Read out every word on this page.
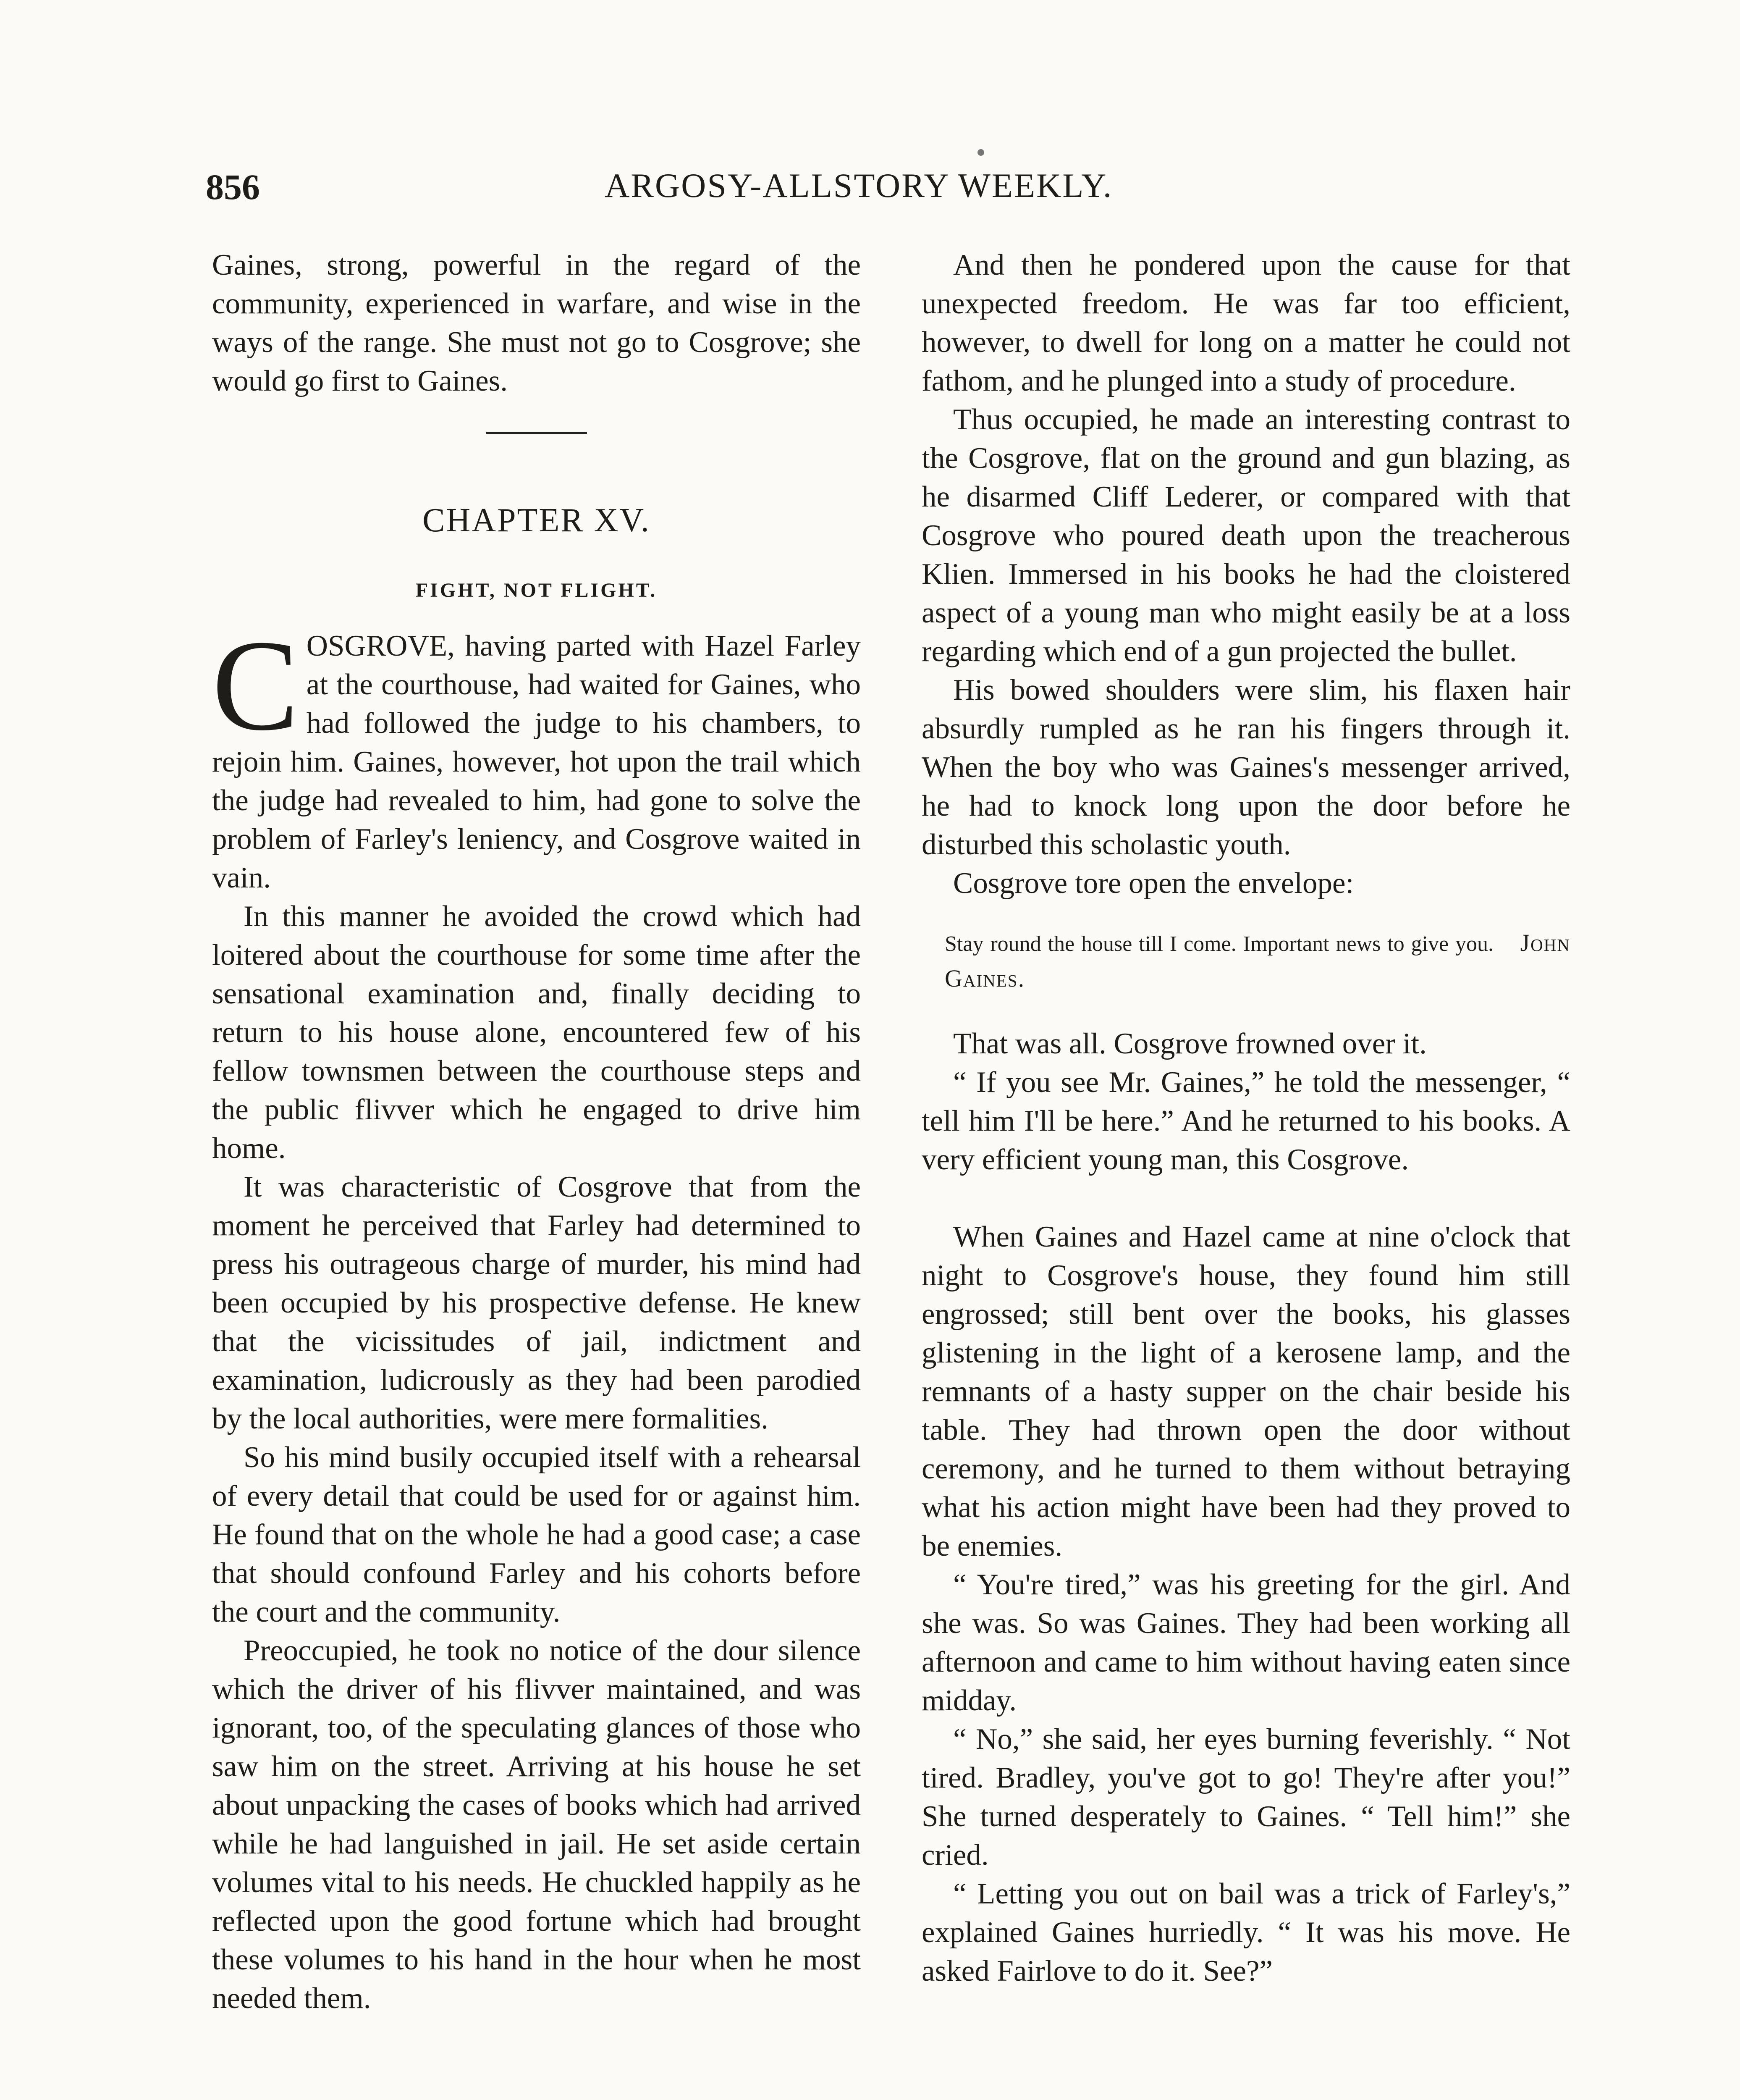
856	ARGOSY-ALLSTORY WEEKLY.

Gaines, strong, powerful in the regard of the community, experienced in warfare, and wise in the ways of the range. She must not go to Cosgrove; she would go first to Gaines.

CHAPTER XV.
FIGHT, NOT FLIGHT.
C OSGROVE, having parted with Hazel Farley at the courthouse, had waited for Gaines, who had followed the judge to his chambers, to rejoin him. Gaines, however, hot upon the trail which the judge had revealed to him, had gone to solve the problem of Farley's leniency, and Cosgrove waited in vain.

In this manner he avoided the crowd which had loitered about the courthouse for some time after the sensational examination and, finally deciding to return to his house alone, encountered few of his fellow townsmen between the courthouse steps and the public flivver which he engaged to drive him home.

It was characteristic of Cosgrove that from the moment he perceived that Farley had determined to press his outrageous charge of murder, his mind had been occupied by his prospective defense. He knew that the vicissitudes of jail, indictment and examination, ludicrously as they had been parodied by the local authorities, were mere formalities.

So his mind busily occupied itself with a rehearsal of every detail that could be used for or against him. He found that on the whole he had a good case; a case that should confound Farley and his cohorts before the court and the community.

Preoccupied, he took no notice of the dour silence which the driver of his flivver maintained, and was ignorant, too, of the speculating glances of those who saw him on the street. Arriving at his house he set about unpacking the cases of books which had arrived while he had languished in jail. He set aside certain volumes vital to his needs. He chuckled happily as he reflected upon the good fortune which had brought these volumes to his hand in the hour when he most needed them.

And then he pondered upon the cause for that unexpected freedom. He was far too efficient, however, to dwell for long on a matter he could not fathom, and he plunged into a study of procedure.

Thus occupied, he made an interesting contrast to the Cosgrove, flat on the ground and gun blazing, as he disarmed Cliff Lederer, or compared with that Cosgrove who poured death upon the treacherous Klien. Immersed in his books he had the cloistered aspect of a young man who might easily be at a loss regarding which end of a gun projected the bullet.

His bowed shoulders were slim, his flaxen hair absurdly rumpled as he ran his fingers through it. When the boy who was Gaines's messenger arrived, he had to knock long upon the door before he disturbed this scholastic youth.

Cosgrove tore open the envelope:

Stay round the house till I come. Important news to give you. John Gaines.

That was all. Cosgrove frowned over it.

“ If you see Mr. Gaines,” he told the messenger, “ tell him I'll be here.” And he returned to his books. A very efficient young man, this Cosgrove.

When Gaines and Hazel came at nine o'clock that night to Cosgrove's house, they found him still engrossed; still bent over the books, his glasses glistening in the light of a kerosene lamp, and the remnants of a hasty supper on the chair beside his table. They had thrown open the door without ceremony, and he turned to them without betraying what his action might have been had they proved to be enemies.

“ You're tired,” was his greeting for the girl. And she was. So was Gaines. They had been working all afternoon and came to him without having eaten since midday.

“ No,” she said, her eyes burning feverishly. “ Not tired. Bradley, you've got to go! They're after you!” She turned desperately to Gaines. “ Tell him!” she cried.

“ Letting you out on bail was a trick of Farley's,” explained Gaines hurriedly. “ It was his move. He asked Fairlove to do it. See?”
